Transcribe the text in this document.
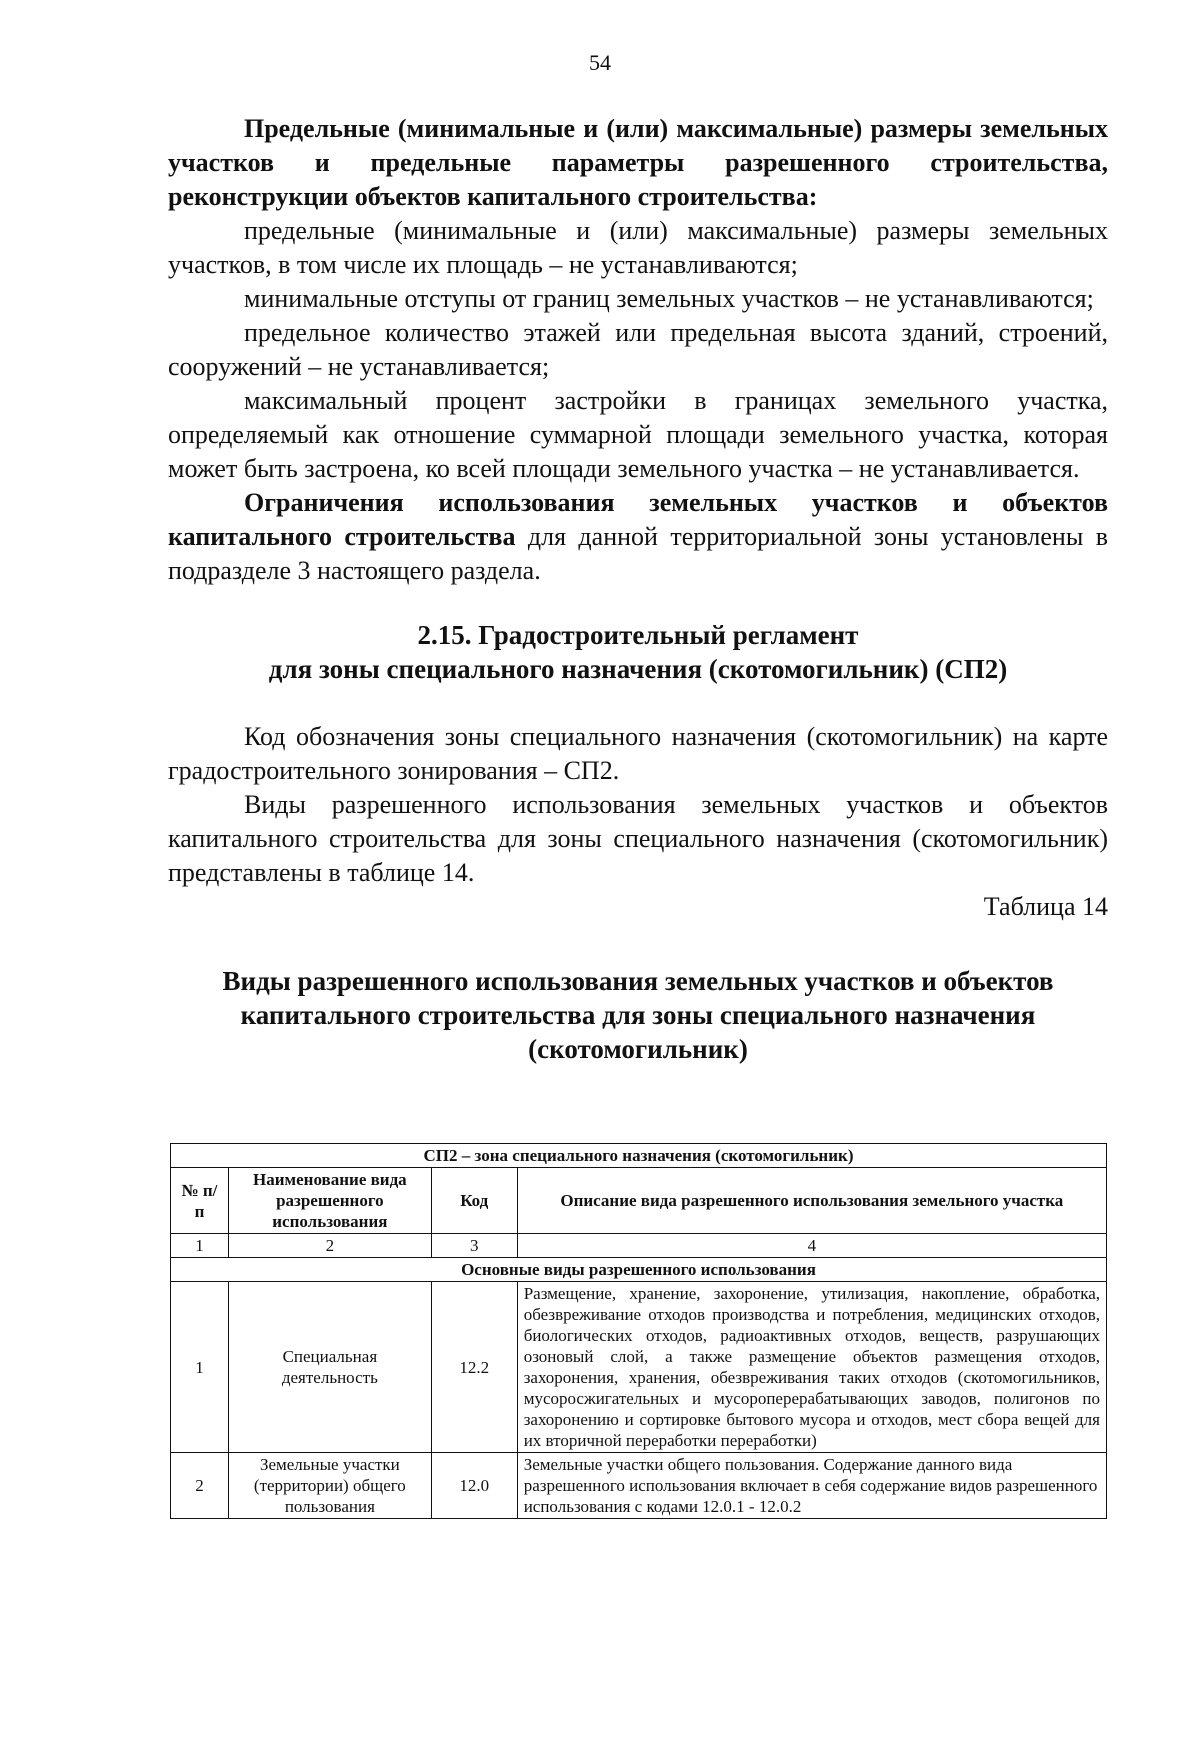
54

Предельные (минимальные и (или) максимальные) размеры земельных участков и предельные параметры разрешенного строительства, реконструкции объектов капитального строительства:

предельные (минимальные и (или) максимальные) размеры земельных участков, в том числе их площадь – не устанавливаются;

минимальные отступы от границ земельных участков – не устанавливаются;

предельное количество этажей или предельная высота зданий, строений, сооружений – не устанавливается;

максимальный процент застройки в границах земельного участка, определяемый как отношение суммарной площади земельного участка, которая может быть застроена, ко всей площади земельного участка – не устанавливается.

Ограничения использования земельных участков и объектов капитального строительства для данной территориальной зоны установлены в подразделе 3 настоящего раздела.

2.15. Градостроительный регламент
для зоны специального назначения (скотомогильник) (СП2)

Код обозначения зоны специального назначения (скотомогильник) на карте градостроительного зонирования – СП2.

Виды разрешенного использования земельных участков и объектов капитального строительства для зоны специального назначения (скотомогильник) представлены в таблице 14.

Таблица 14

Виды разрешенного использования земельных участков и объектов
капитального строительства для зоны специального назначения
(скотомогильник)

СП2 – зона специального назначения (скотомогильник)			
№ п/п	Наименование вида разрешенного использования	Код	Описание вида разрешенного использования земельного участка
1	2	3	4
Основные виды разрешенного использования			
1	Специальная деятельность	12.2	Размещение, хранение, захоронение, утилизация, накопление, обработка, обезвреживание отходов производства и потребления, медицинских отходов, биологических отходов, радиоактивных отходов, веществ, разрушающих озоновый слой, а также размещение объектов размещения отходов, захоронения, хранения, обезвреживания таких отходов (скотомогильников, мусоросжигательных и мусороперерабатывающих заводов, полигонов по захоронению и сортировке бытового мусора и отходов, мест сбора вещей для их вторичной переработки переработки)
2	Земельные участки (территории) общего пользования	12.0	Земельные участки общего пользования. Содержание данного вида разрешенного использования включает в себя содержание видов разрешенного использования с кодами 12.0.1 - 12.0.2
